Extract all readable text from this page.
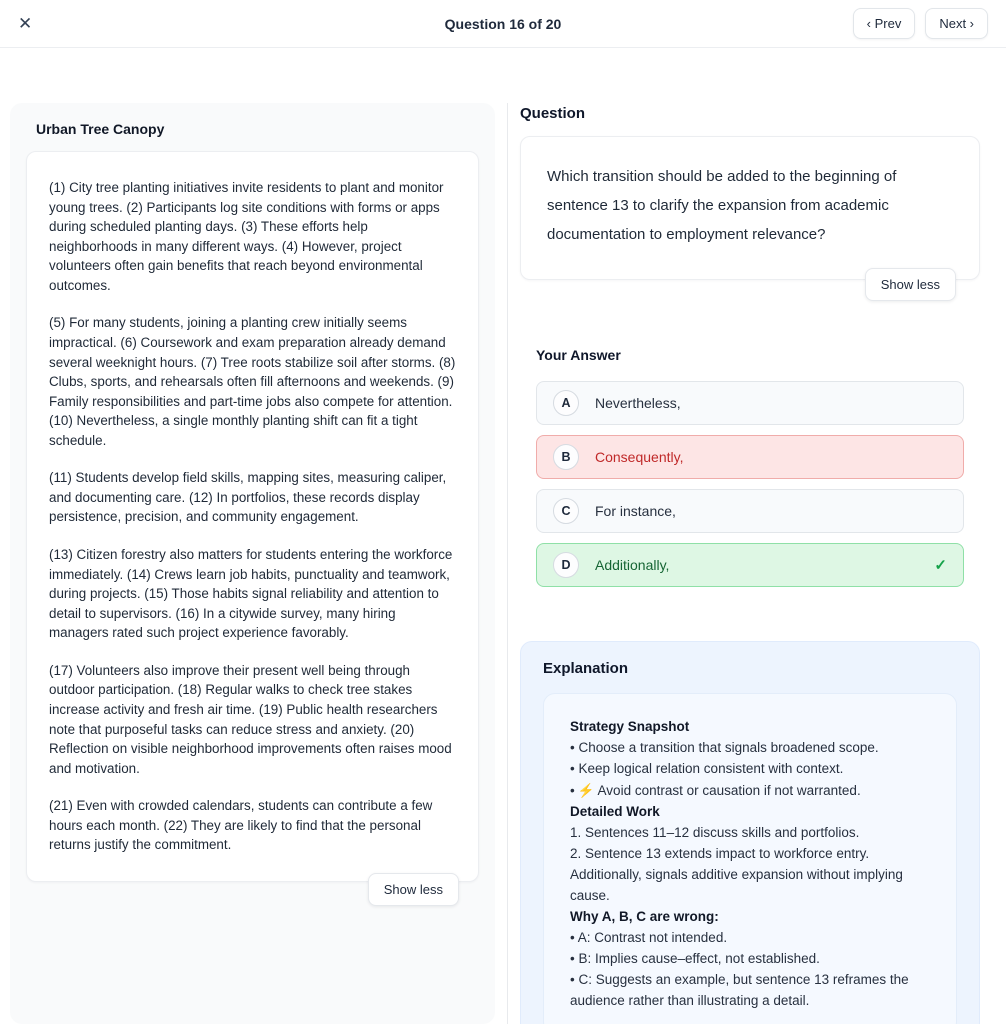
✕	Question 16 of 20	‹ Prev	Next ›
Urban Tree Canopy

(1) City tree planting initiatives invite residents to plant and monitor young trees. (2) Participants log site conditions with forms or apps during scheduled planting days. (3) These efforts help neighborhoods in many different ways. (4) However, project volunteers often gain benefits that reach beyond environmental outcomes.

(5) For many students, joining a planting crew initially seems impractical. (6) Coursework and exam preparation already demand several weeknight hours. (7) Tree roots stabilize soil after storms. (8) Clubs, sports, and rehearsals often fill afternoons and weekends. (9) Family responsibilities and part-time jobs also compete for attention. (10) Nevertheless, a single monthly planting shift can fit a tight schedule.

(11) Students develop field skills, mapping sites, measuring caliper, and documenting care. (12) In portfolios, these records display persistence, precision, and community engagement.

(13) Citizen forestry also matters for students entering the workforce immediately. (14) Crews learn job habits, punctuality and teamwork, during projects. (15) Those habits signal reliability and attention to detail to supervisors. (16) In a citywide survey, many hiring managers rated such project experience favorably.

(17) Volunteers also improve their present well being through outdoor participation. (18) Regular walks to check tree stakes increase activity and fresh air time. (19) Public health researchers note that purposeful tasks can reduce stress and anxiety. (20) Reflection on visible neighborhood improvements often raises mood and motivation.

(21) Even with crowded calendars, students can contribute a few hours each month. (22) They are likely to find that the personal returns justify the commitment.

Show less
Question

Which transition should be added to the beginning of sentence 13 to clarify the expansion from academic documentation to employment relevance?

Show less
Your Answer
A	Nevertheless,
B	Consequently,
C	For instance,
D	Additionally,	✓
Explanation

Strategy Snapshot

• Choose a transition that signals broadened scope.

• Keep logical relation consistent with context.

• ⚡ Avoid contrast or causation if not warranted.

Detailed Work

1. Sentences 11–12 discuss skills and portfolios.

2. Sentence 13 extends impact to workforce entry. Additionally, signals additive expansion without implying cause.

Why A, B, C are wrong:

• A: Contrast not intended.

• B: Implies cause–effect, not established.

• C: Suggests an example, but sentence 13 reframes the audience rather than illustrating a detail.
